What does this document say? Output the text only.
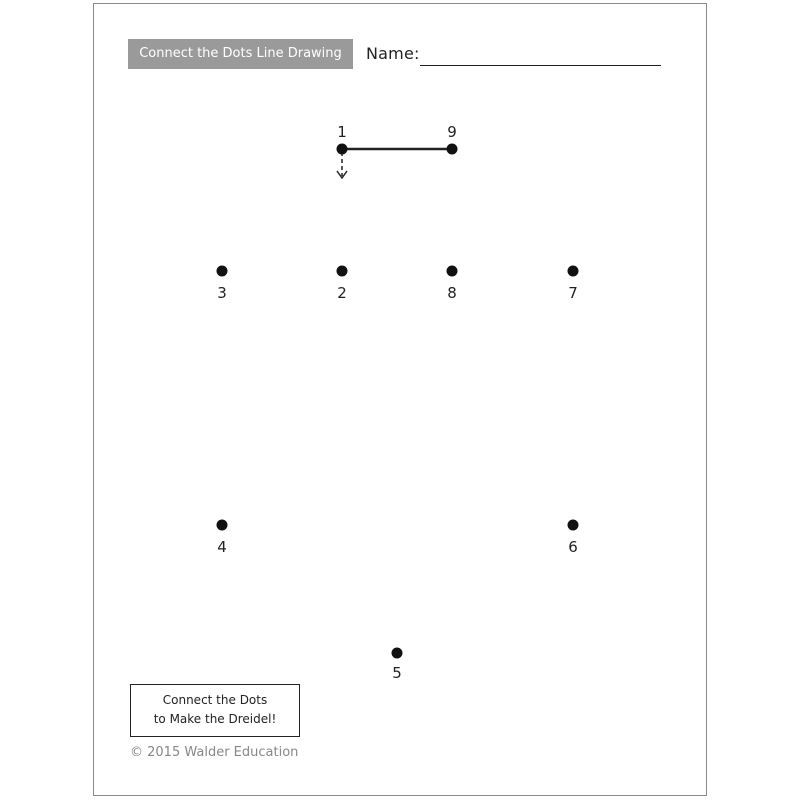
Connect the Dots Line Drawing	Name:
1
2
3
4
5
6
7
8
9
Connect the Dots
to Make the Dreidel!
© 2015 Walder Education
